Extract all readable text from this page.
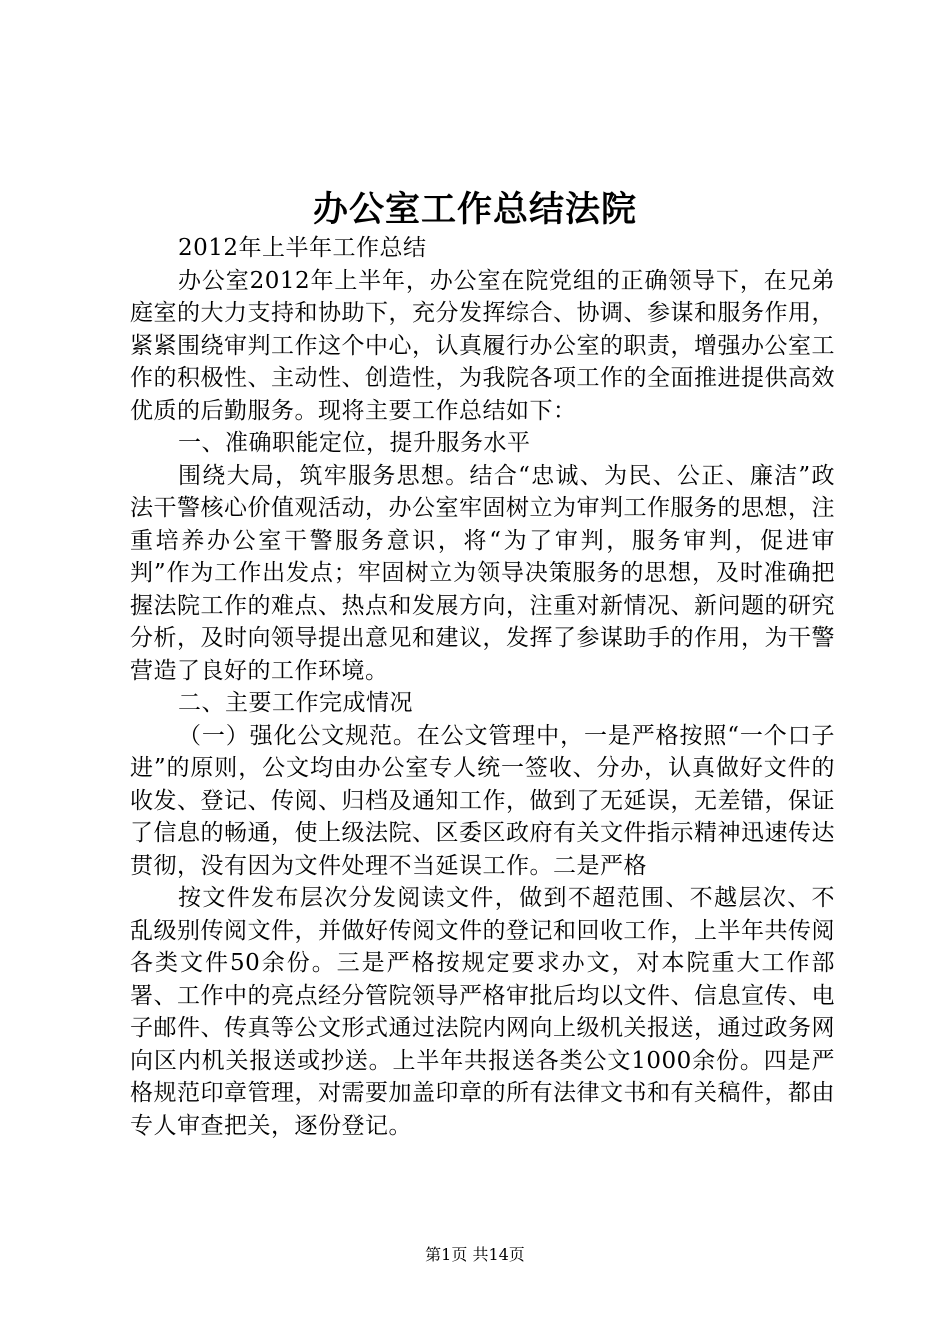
办公室工作总结法院

2012年上半年工作总结

办公室2012年上半年，办公室在院党组的正确领导下，在兄弟庭室的大力支持和协助下，充分发挥综合、协调、参谋和服务作用，紧紧围绕审判工作这个中心，认真履行办公室的职责，增强办公室工作的积极性、主动性、创造性，为我院各项工作的全面推进提供高效优质的后勤服务。现将主要工作总结如下：

一、准确职能定位，提升服务水平

围绕大局，筑牢服务思想。结合“忠诚、为民、公正、廉洁”政法干警核心价值观活动，办公室牢固树立为审判工作服务的思想，注重培养办公室干警服务意识，将“为了审判，服务审判，促进审判”作为工作出发点；牢固树立为领导决策服务的思想，及时准确把握法院工作的难点、热点和发展方向，注重对新情况、新问题的研究分析，及时向领导提出意见和建议，发挥了参谋助手的作用，为干警营造了良好的工作环境。

二、主要工作完成情况

（一）强化公文规范。在公文管理中，一是严格按照“一个口子进”的原则，公文均由办公室专人统一签收、分办，认真做好文件的收发、登记、传阅、归档及通知工作，做到了无延误，无差错，保证了信息的畅通，使上级法院、区委区政府有关文件指示精神迅速传达贯彻，没有因为文件处理不当延误工作。二是严格

按文件发布层次分发阅读文件，做到不超范围、不越层次、不乱级别传阅文件，并做好传阅文件的登记和回收工作，上半年共传阅各类文件50余份。三是严格按规定要求办文，对本院重大工作部署、工作中的亮点经分管院领导严格审批后均以文件、信息宣传、电子邮件、传真等公文形式通过法院内网向上级机关报送，通过政务网向区内机关报送或抄送。上半年共报送各类公文1000余份。四是严格规范印章管理，对需要加盖印章的所有法律文书和有关稿件，都由专人审查把关，逐份登记。

第1页 共14页
